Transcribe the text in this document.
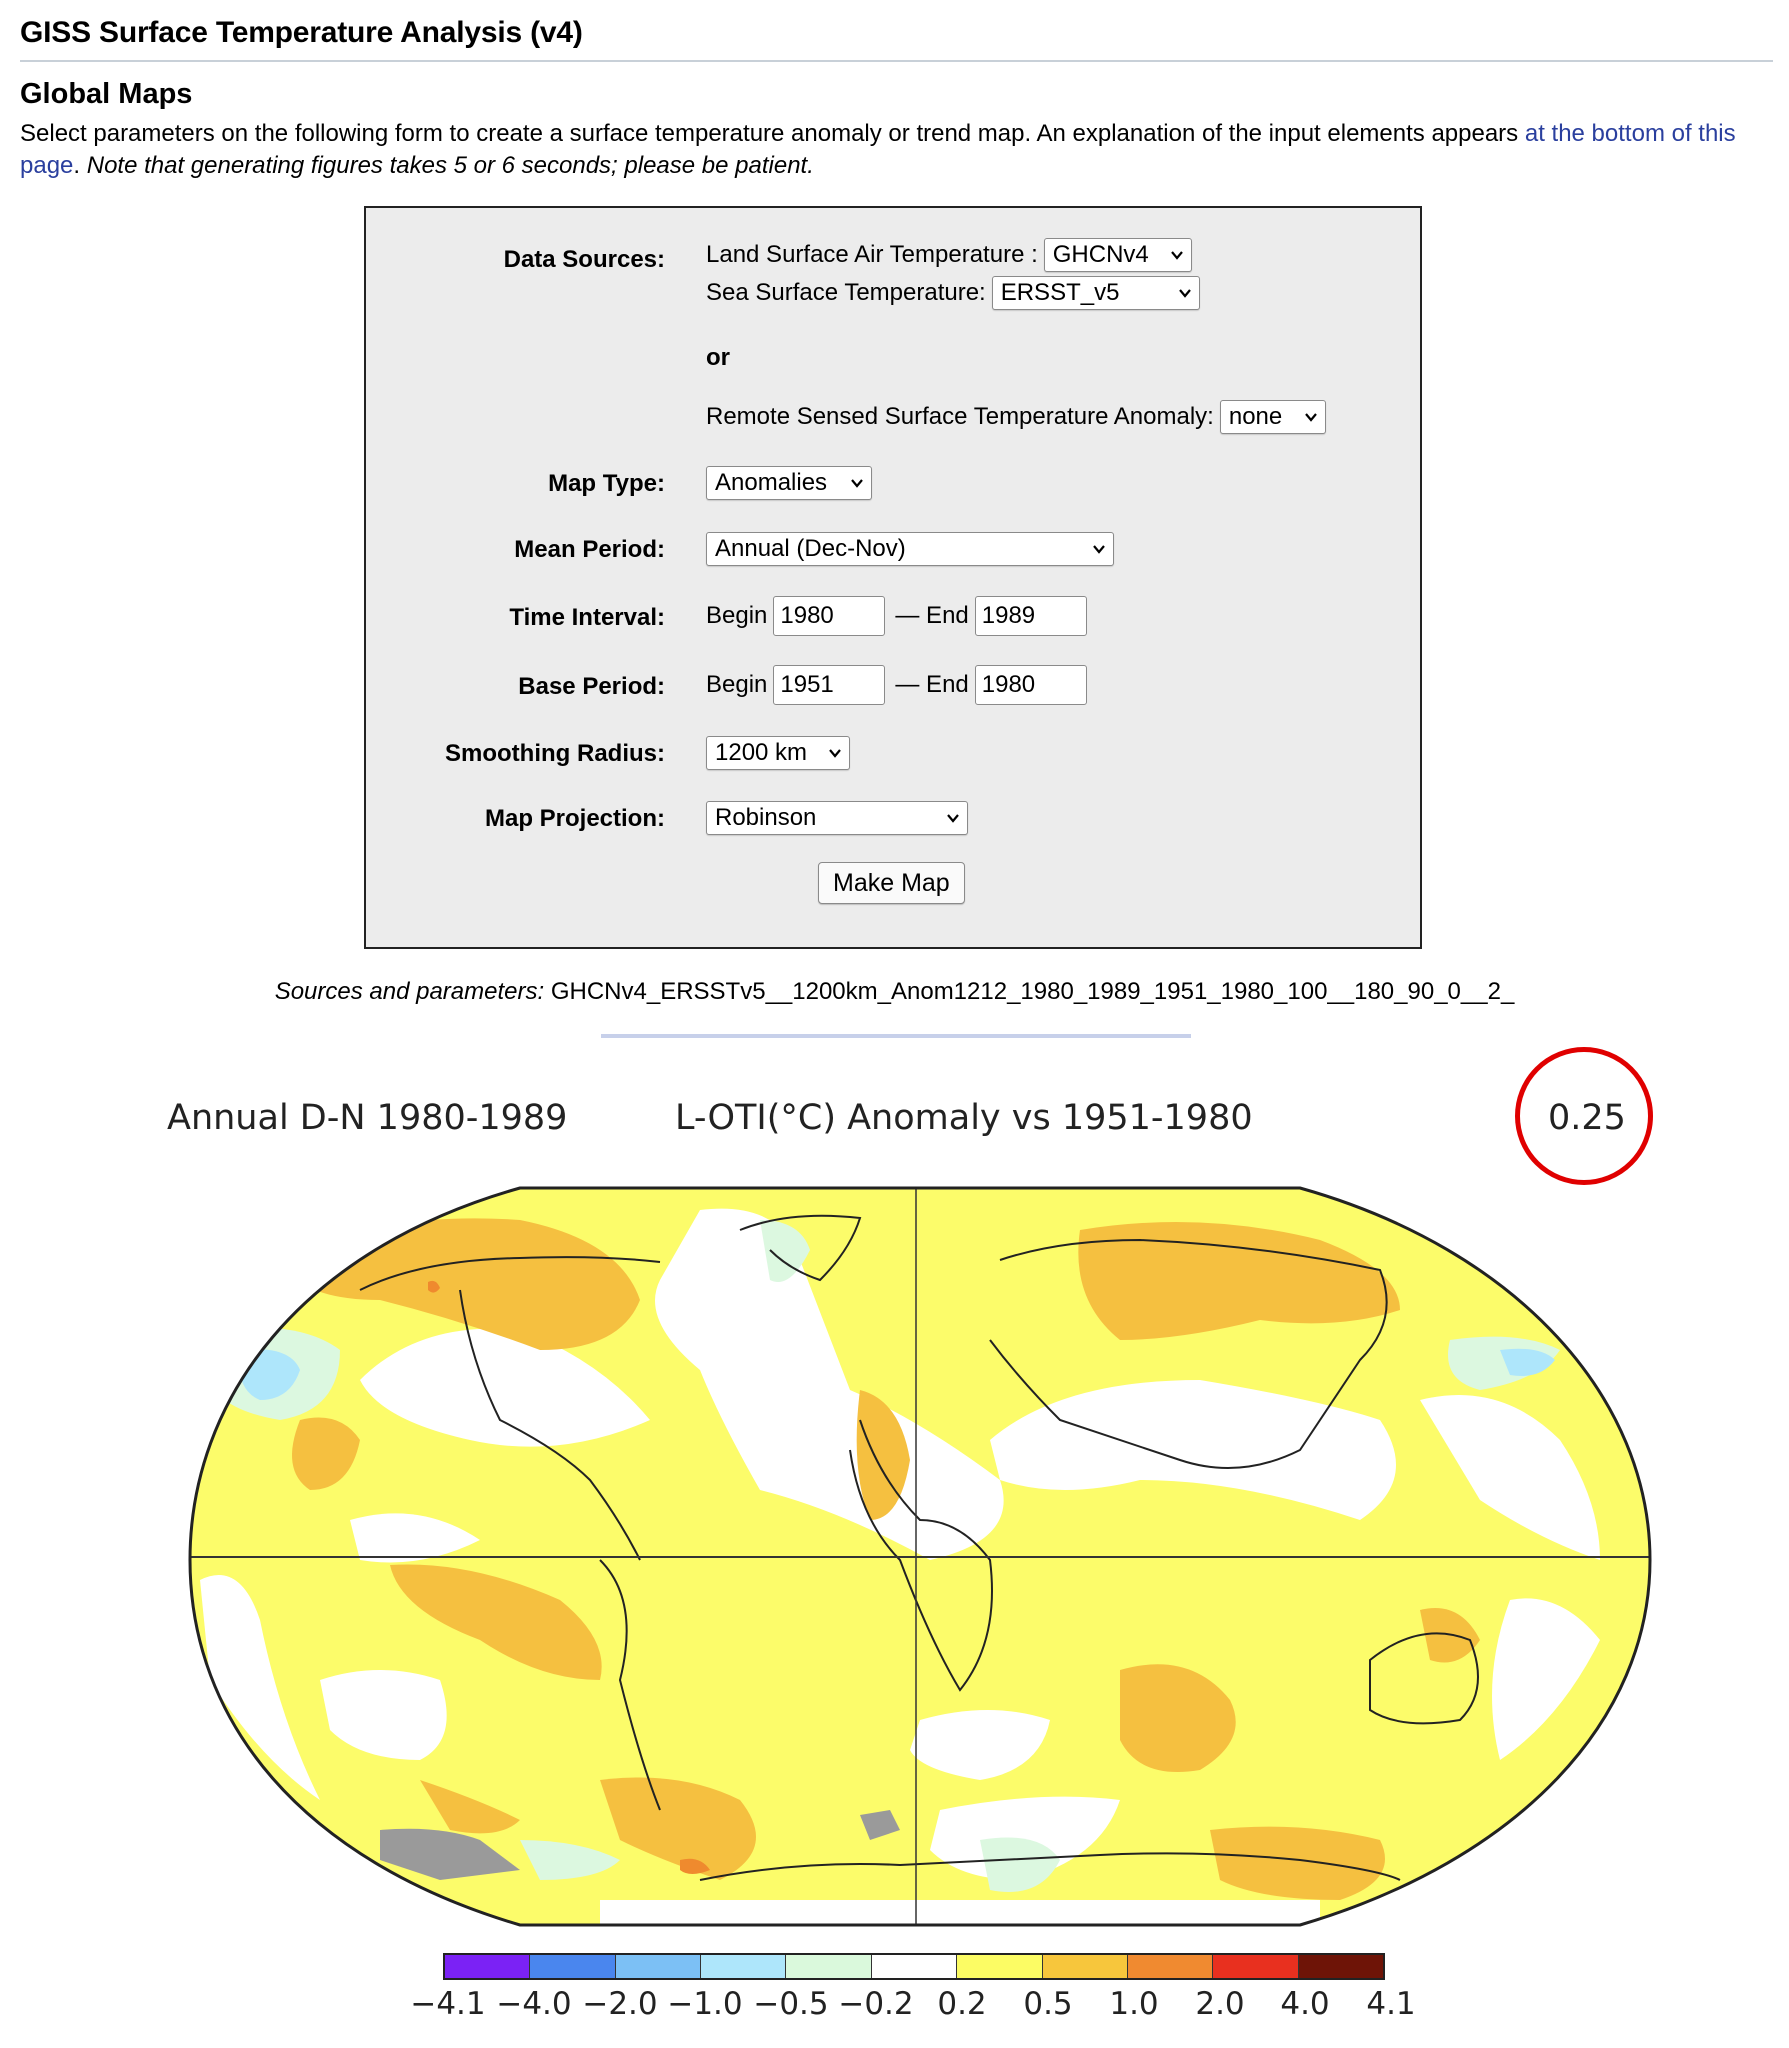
GISS Surface Temperature Analysis (v4)
Global Maps
Select parameters on the following form to create a surface temperature anomaly or trend map. An explanation of the input elements appears at the bottom of this page. Note that generating figures takes 5 or 6 seconds; please be patient.
Data Sources: Land Surface Air Temperature : GHCNv4
Sea Surface Temperature: ERSST_v5
or
Remote Sensed Surface Temperature Anomaly: none
Map Type: Anomalies
Mean Period: Annual (Dec-Nov)
Time Interval: Begin 1980	— End 1989
Base Period: Begin 1951	— End 1980
Smoothing Radius: 1200 km
Map Projection: Robinson
Make Map
Sources and parameters: GHCNv4_ERSSTv5__1200km_Anom1212_1980_1989_1951_1980_100__180_90_0__2_
Annual D-N 1980-1989	L-OTI(°C) Anomaly vs 1951-1980	0.25
−4.1 −4.0 −2.0 −1.0 −0.5 −0.2 0.2 0.5 1.0 2.0 4.0 4.1
